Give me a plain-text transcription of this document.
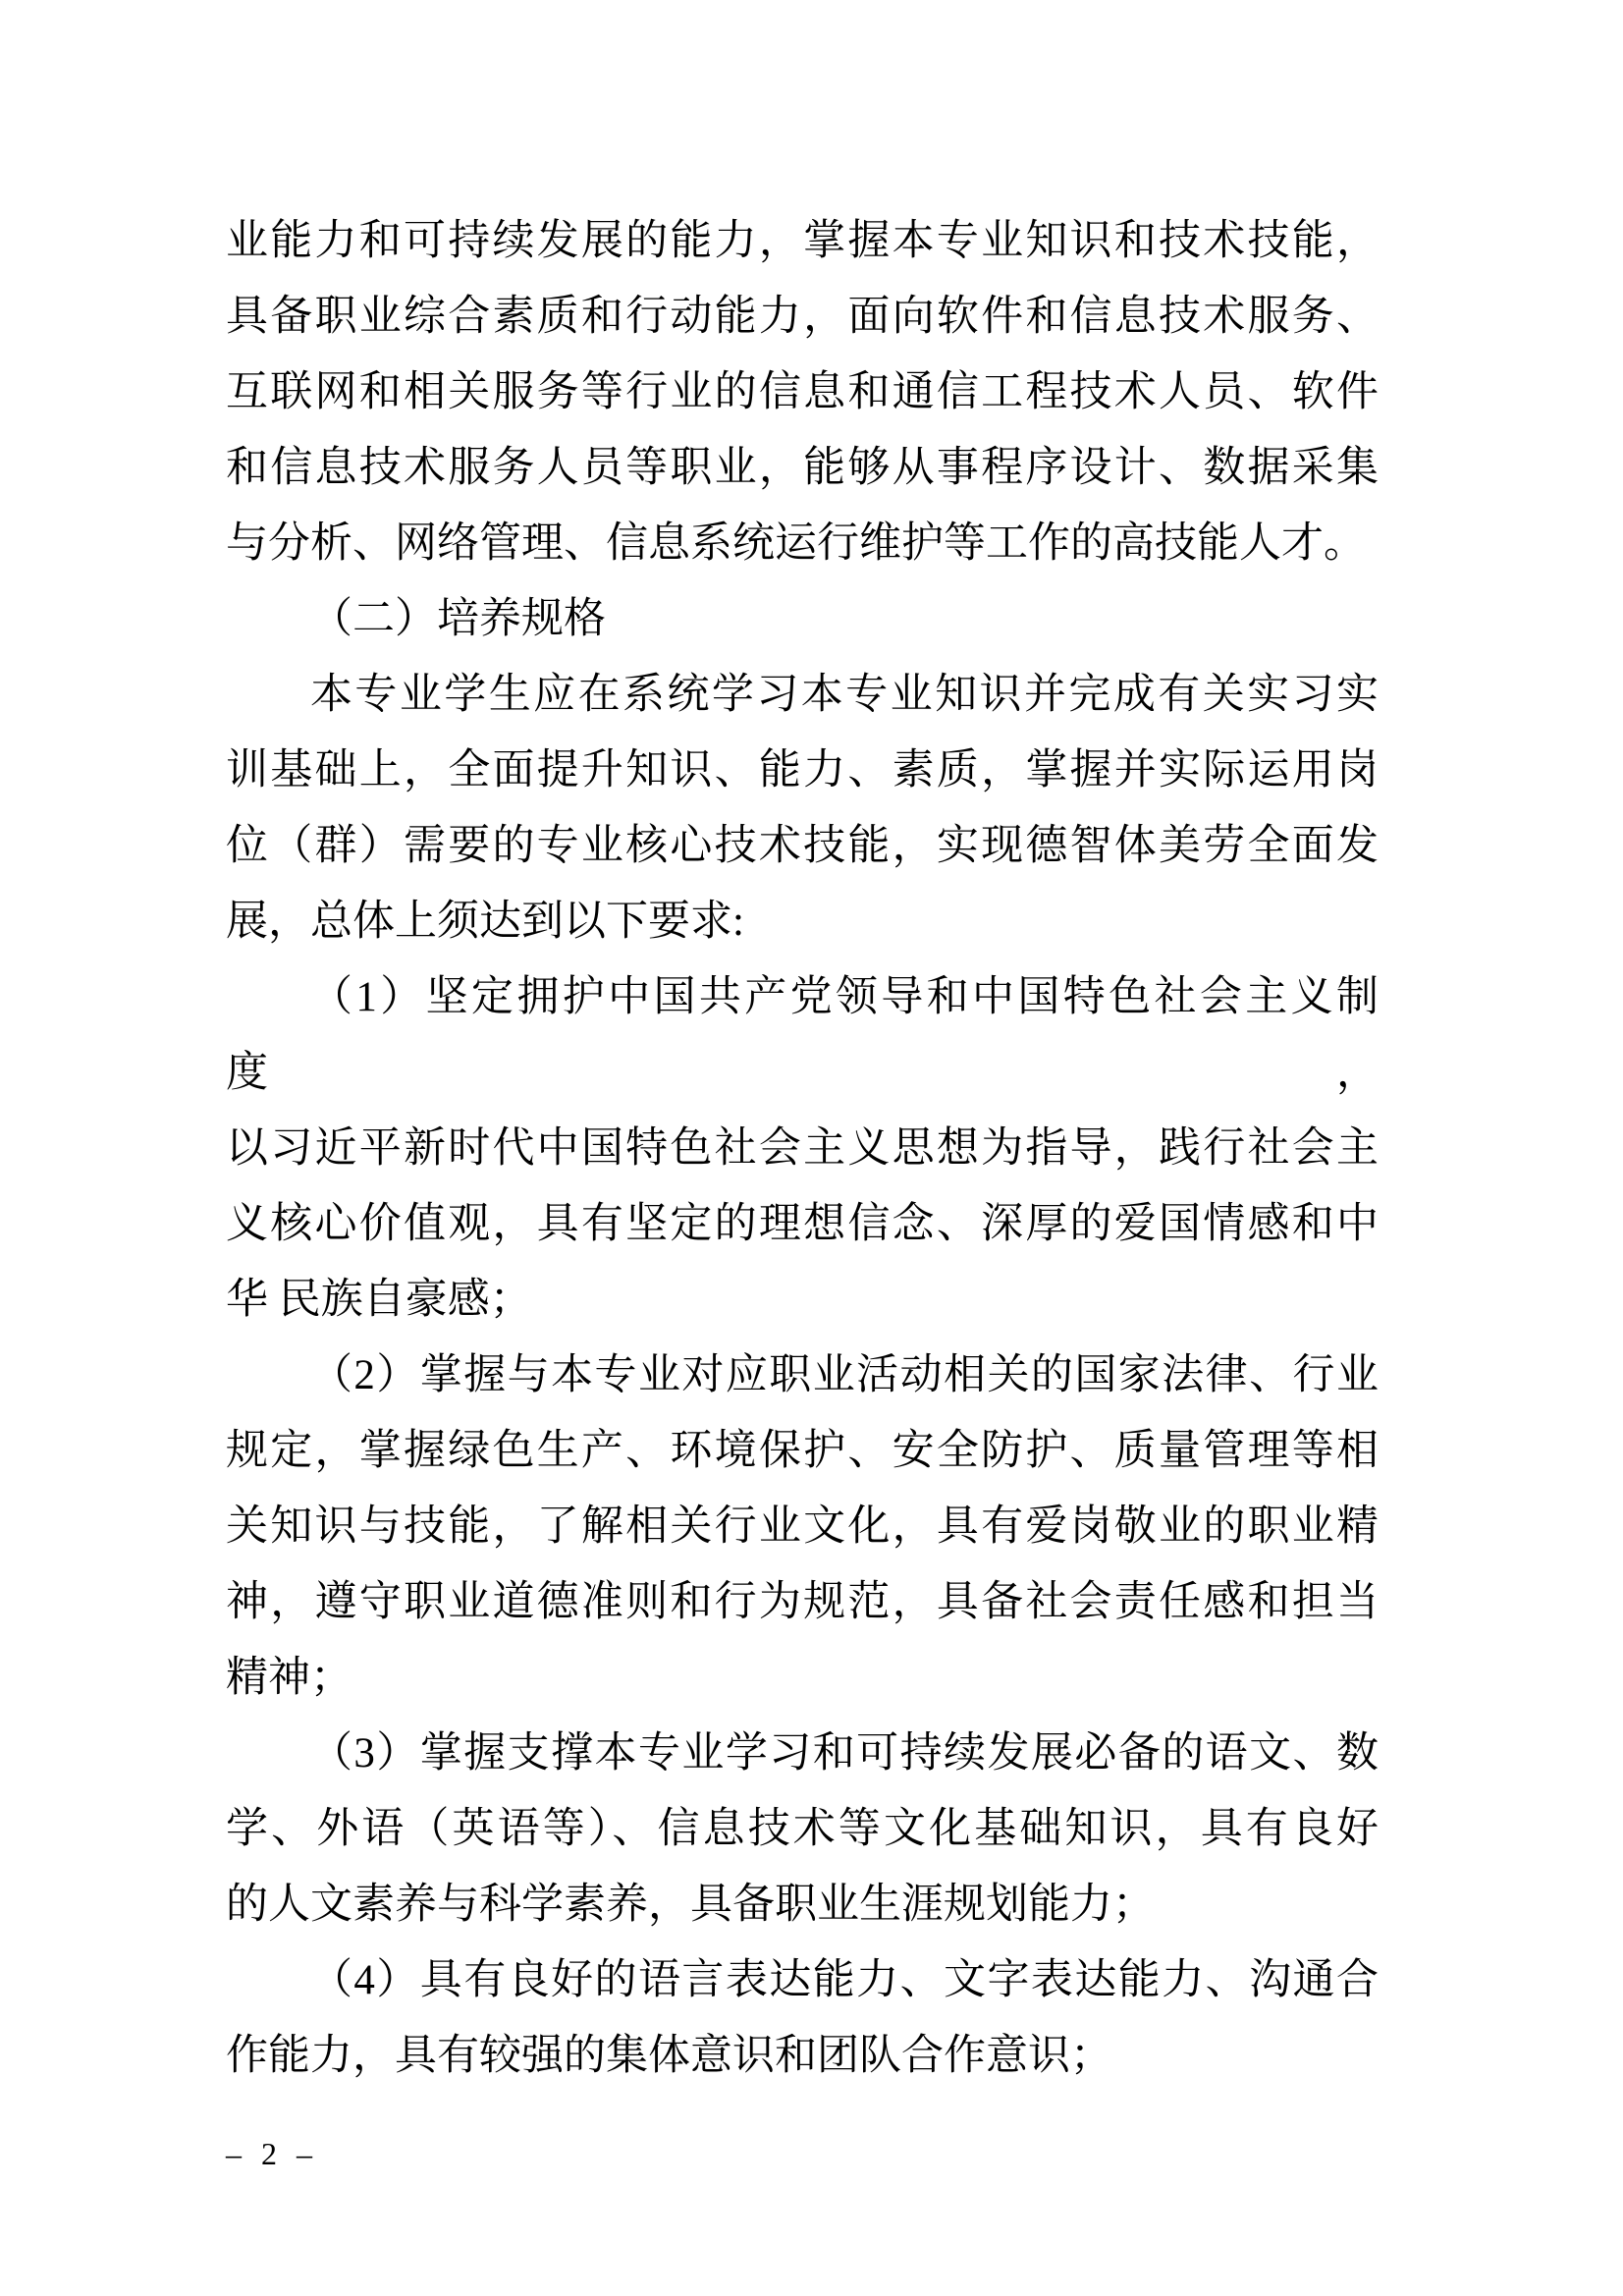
业能力和可持续发展的能力，掌握本专业知识和技术技能，
具备职业综合素质和行动能力，面向软件和信息技术服务、
互联网和相关服务等行业的信息和通信工程技术人员、软件
和信息技术服务人员等职业，能够从事程序设计、数据采集
与分析、网络管理、信息系统运行维护等工作的高技能人才。
（二）培养规格
本专业学生应在系统学习本专业知识并完成有关实习实
训基础上，全面提升知识、能力、素质，掌握并实际运用岗
位（群）需要的专业核心技术技能，实现德智体美劳全面发
展，总体上须达到以下要求:
（1）坚定拥护中国共产党领导和中国特色社会主义制度，
以习近平新时代中国特色社会主义思想为指导，践行社会主
义核心价值观，具有坚定的理想信念、深厚的爱国情感和中
华 民族自豪感；
（2）掌握与本专业对应职业活动相关的国家法律、行业
规定，掌握绿色生产、环境保护、安全防护、质量管理等相
关知识与技能，了解相关行业文化，具有爱岗敬业的职业精
神，遵守职业道德准则和行为规范，具备社会责任感和担当
精神；
（3）掌握支撑本专业学习和可持续发展必备的语文、数
学、外语（英语等）、信息技术等文化基础知识，具有良好
的人文素养与科学素养，具备职业生涯规划能力；
（4）具有良好的语言表达能力、文字表达能力、沟通合
作能力，具有较强的集体意识和团队合作意识；
– 2 –
